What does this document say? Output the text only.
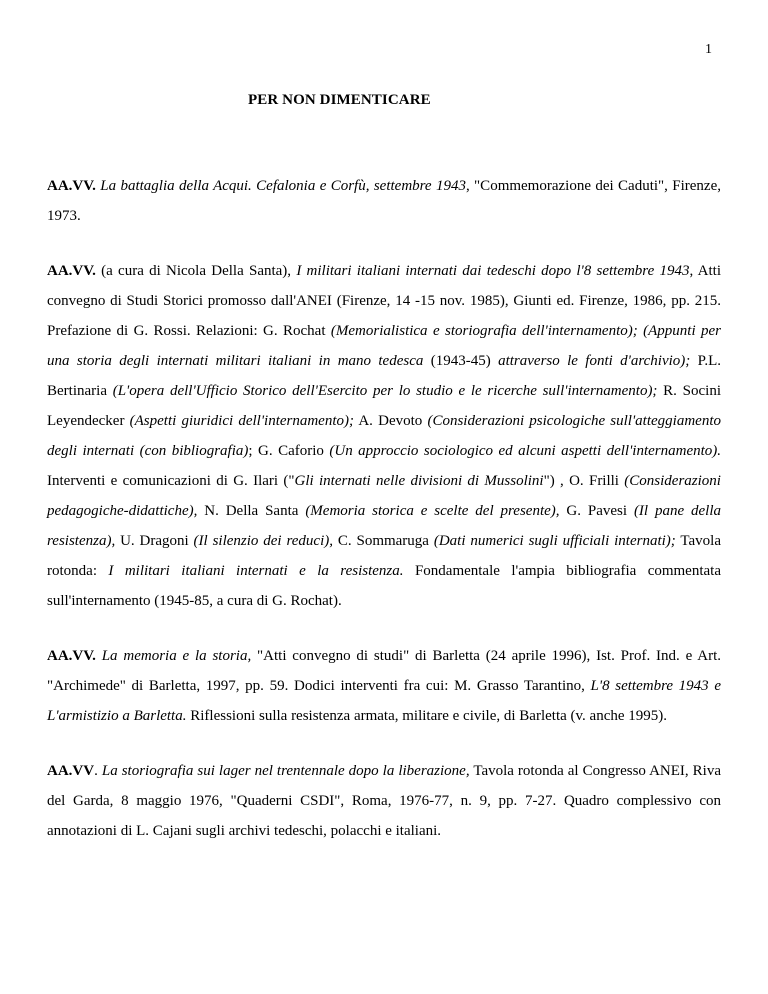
1
PER NON DIMENTICARE

AA.VV. La battaglia della Acqui. Cefalonia e Corfù, settembre 1943, "Commemorazione dei Caduti", Firenze, 1973.

AA.VV. (a cura di Nicola Della Santa), I militari italiani internati dai tedeschi dopo l'8 settembre 1943, Atti convegno di Studi Storici promosso dall'ANEI (Firenze, 14 -15 nov. 1985), Giunti ed. Firenze, 1986, pp. 215. Prefazione di G. Rossi. Relazioni: G. Rochat (Memorialistica e storiografia dell'internamento); (Appunti per una storia degli internati militari italiani in mano tedesca (1943-45) attraverso le fonti d'archivio); P.L. Bertinaria (L'opera dell'Ufficio Storico dell'Esercito per lo studio e le ricerche sull'internamento); R. Socini Leyendecker (Aspetti giuridici dell'internamento); A. Devoto (Considerazioni psicologiche sull'atteggiamento degli internati (con bibliografia); G. Caforio (Un approccio sociologico ed alcuni aspetti dell'internamento). Interventi e comunicazioni di G. Ilari ("Gli internati nelle divisioni di Mussolini") , O. Frilli (Considerazioni pedagogiche-didattiche), N. Della Santa (Memoria storica e scelte del presente), G. Pavesi (Il pane della resistenza), U. Dragoni (Il silenzio dei reduci), C. Sommaruga (Dati numerici sugli ufficiali internati); Tavola rotonda: I militari italiani internati e la resistenza. Fondamentale l'ampia bibliografia commentata sull'internamento (1945-85, a cura di G. Rochat).

AA.VV. La memoria e la storia, "Atti convegno di studi" di Barletta (24 aprile 1996), Ist. Prof. Ind. e Art. "Archimede" di Barletta, 1997, pp. 59. Dodici interventi fra cui: M. Grasso Tarantino, L'8 settembre 1943 e L'armistizio a Barletta. Riflessioni sulla resistenza armata, militare e civile, di Barletta (v. anche 1995).

AA.VV. La storiografia sui lager nel trentennale dopo la liberazione, Tavola rotonda al Congresso ANEI, Riva del Garda, 8 maggio 1976, "Quaderni CSDI", Roma, 1976-77, n. 9, pp. 7-27. Quadro complessivo con annotazioni di L. Cajani sugli archivi tedeschi, polacchi e italiani.
